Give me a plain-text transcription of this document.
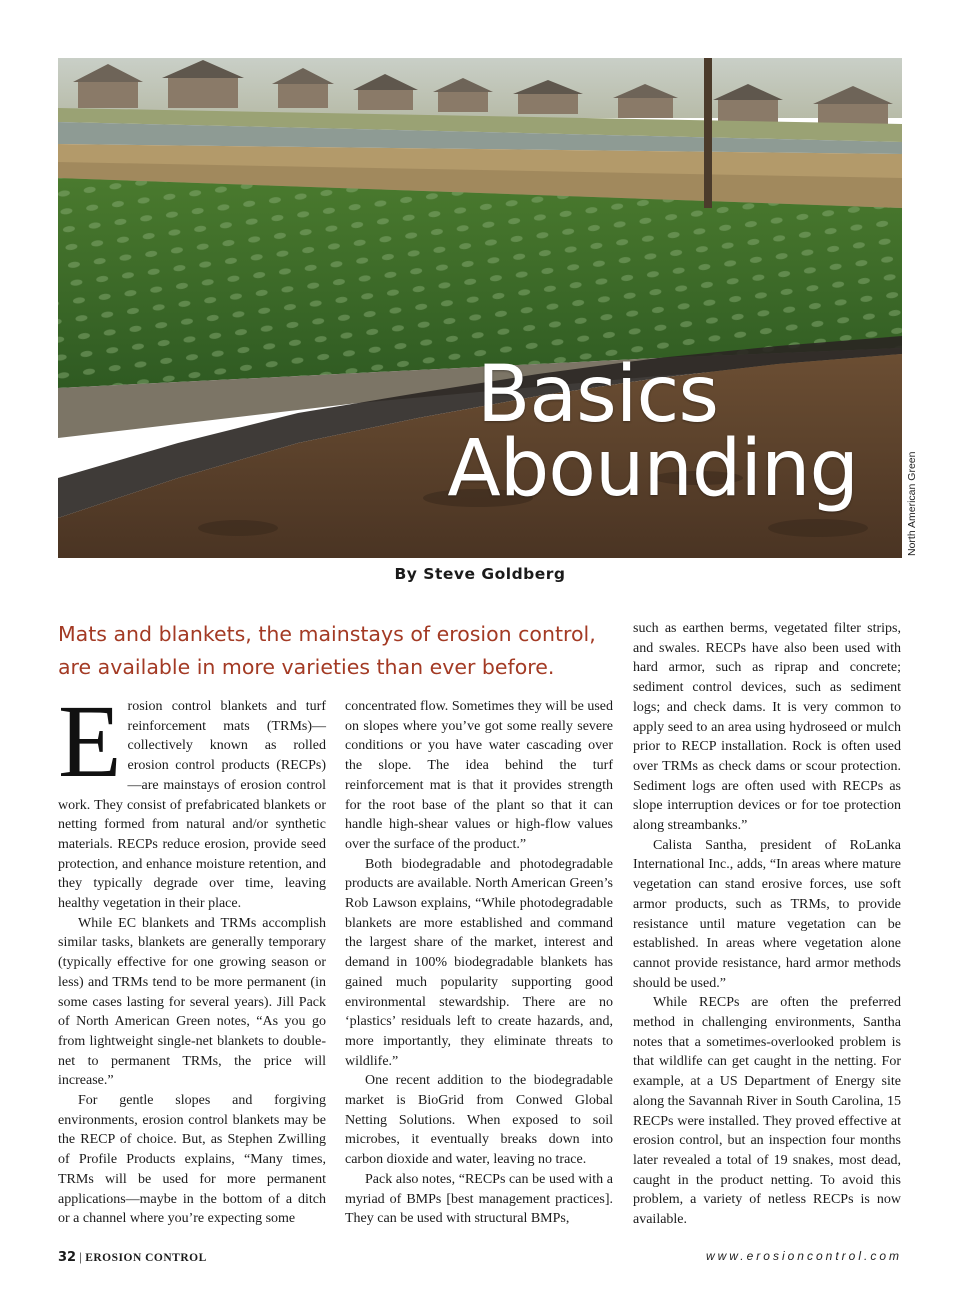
Basics
Abounding	North American Green
By Steve Goldberg

Mats and blankets, the mainstays of erosion control, are available in more varieties than ever before.

Erosion control blankets and turf reinforcement mats (TRMs)—collectively known as rolled erosion control products (RECPs)—are mainstays of erosion control work. They consist of prefabricated blankets or netting formed from natural and/or synthetic materials. RECPs reduce erosion, provide seed protection, and enhance moisture retention, and they typically degrade over time, leaving healthy vegetation in their place.

While EC blankets and TRMs accomplish similar tasks, blankets are generally temporary (typically effective for one growing season or less) and TRMs tend to be more permanent (in some cases lasting for several years). Jill Pack of North American Green notes, “As you go from lightweight single-net blankets to double-net to permanent TRMs, the price will increase.”

For gentle slopes and forgiving environments, erosion control blankets may be the RECP of choice. But, as Stephen Zwilling of Profile Products explains, “Many times, TRMs will be used for more permanent applications—maybe in the bottom of a ditch or a channel where you’re expecting some

concentrated flow. Sometimes they will be used on slopes where you’ve got some really severe conditions or you have water cascading over the slope. The idea behind the turf reinforcement mat is that it provides strength for the root base of the plant so that it can handle high-shear values or high-flow values over the surface of the product.”

Both biodegradable and photodegradable products are available. North American Green’s Rob Lawson explains, “While photodegradable blankets are more established and command the largest share of the market, interest and demand in 100% biodegradable blankets has gained much popularity supporting good environmental stewardship. There are no ‘plastics’ residuals left to create hazards, and, more importantly, they eliminate threats to wildlife.”

One recent addition to the biodegradable market is BioGrid from Conwed Global Netting Solutions. When exposed to soil microbes, it eventually breaks down into carbon dioxide and water, leaving no trace.

Pack also notes, “RECPs can be used with a myriad of BMPs [best management practices]. They can be used with structural BMPs,

such as earthen berms, vegetated filter strips, and swales. RECPs have also been used with hard armor, such as riprap and concrete; sediment control devices, such as sediment logs; and check dams. It is very common to apply seed to an area using hydroseed or mulch prior to RECP installation. Rock is often used over TRMs as check dams or scour protection. Sediment logs are often used with RECPs as slope interruption devices or for toe protection along streambanks.”

Calista Santha, president of RoLanka International Inc., adds, “In areas where mature vegetation can stand erosive forces, use soft armor products, such as TRMs, to provide resistance until mature vegetation can be established. In areas where vegetation alone cannot provide resistance, hard armor methods should be used.”

While RECPs are often the preferred method in challenging environments, Santha notes that a sometimes-overlooked problem is that wildlife can get caught in the netting. For example, at a US Department of Energy site along the Savannah River in South Carolina, 15 RECPs were installed. They proved effective at erosion control, but an inspection four months later revealed a total of 19 snakes, most dead, caught in the product netting. To avoid this problem, a variety of netless RECPs is now available.

32 | EROSION CONTROL	www.erosioncontrol.com
